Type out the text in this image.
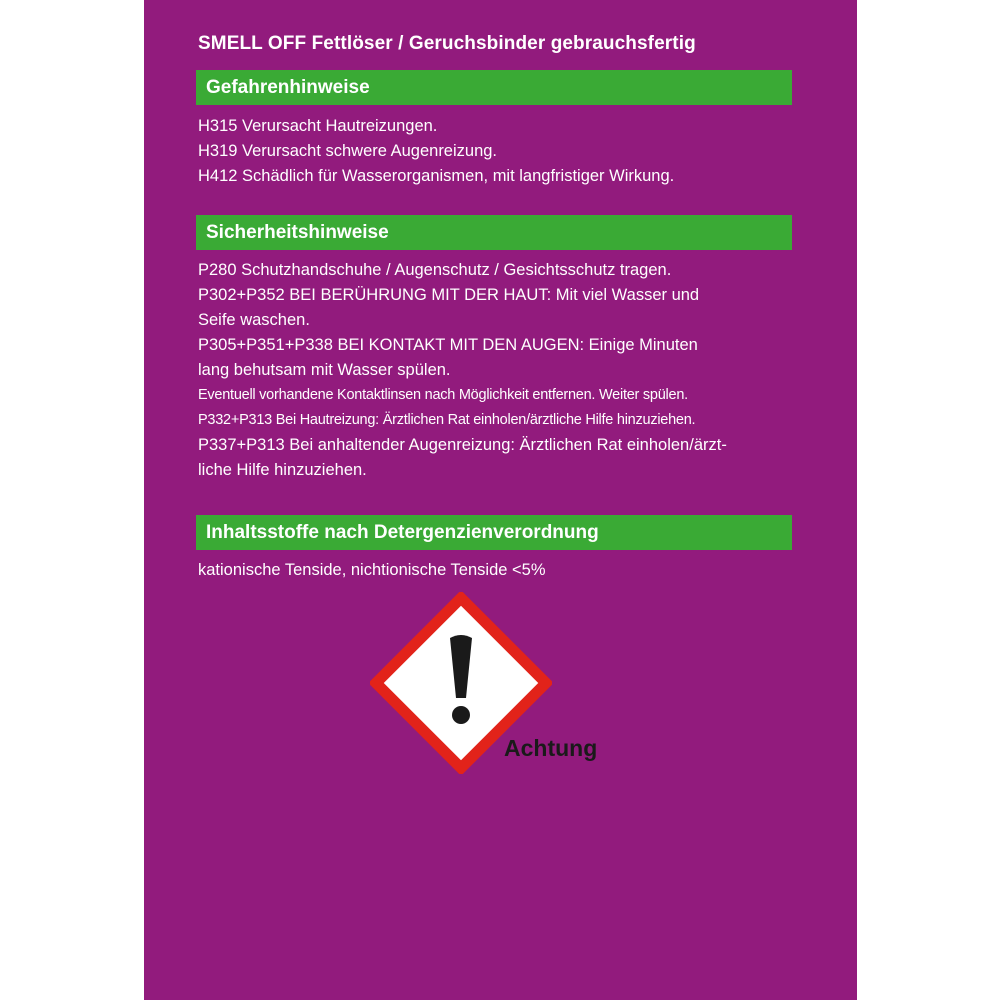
SMELL OFF Fettlöser / Geruchsbinder gebrauchsfertig
Gefahrenhinweise
H315 Verursacht Hautreizungen.
H319 Verursacht schwere Augenreizung.
H412 Schädlich für Wasserorganismen, mit langfristiger Wirkung.
Sicherheitshinweise
P280 Schutzhandschuhe / Augenschutz / Gesichtsschutz tragen.
P302+P352 BEI BERÜHRUNG MIT DER HAUT: Mit viel Wasser und
Seife waschen.
P305+P351+P338 BEI KONTAKT MIT DEN AUGEN: Einige Minuten
lang behutsam mit Wasser spülen.
Eventuell vorhandene Kontaktlinsen nach Möglichkeit entfernen. Weiter spülen.
P332+P313 Bei Hautreizung: Ärztlichen Rat einholen/ärztliche Hilfe hinzuziehen.
P337+P313 Bei anhaltender Augenreizung: Ärztlichen Rat einholen/ärzt-
liche Hilfe hinzuziehen.
Inhaltsstoffe nach Detergenzienverordnung
kationische Tenside, nichtionische Tenside <5%
Achtung
